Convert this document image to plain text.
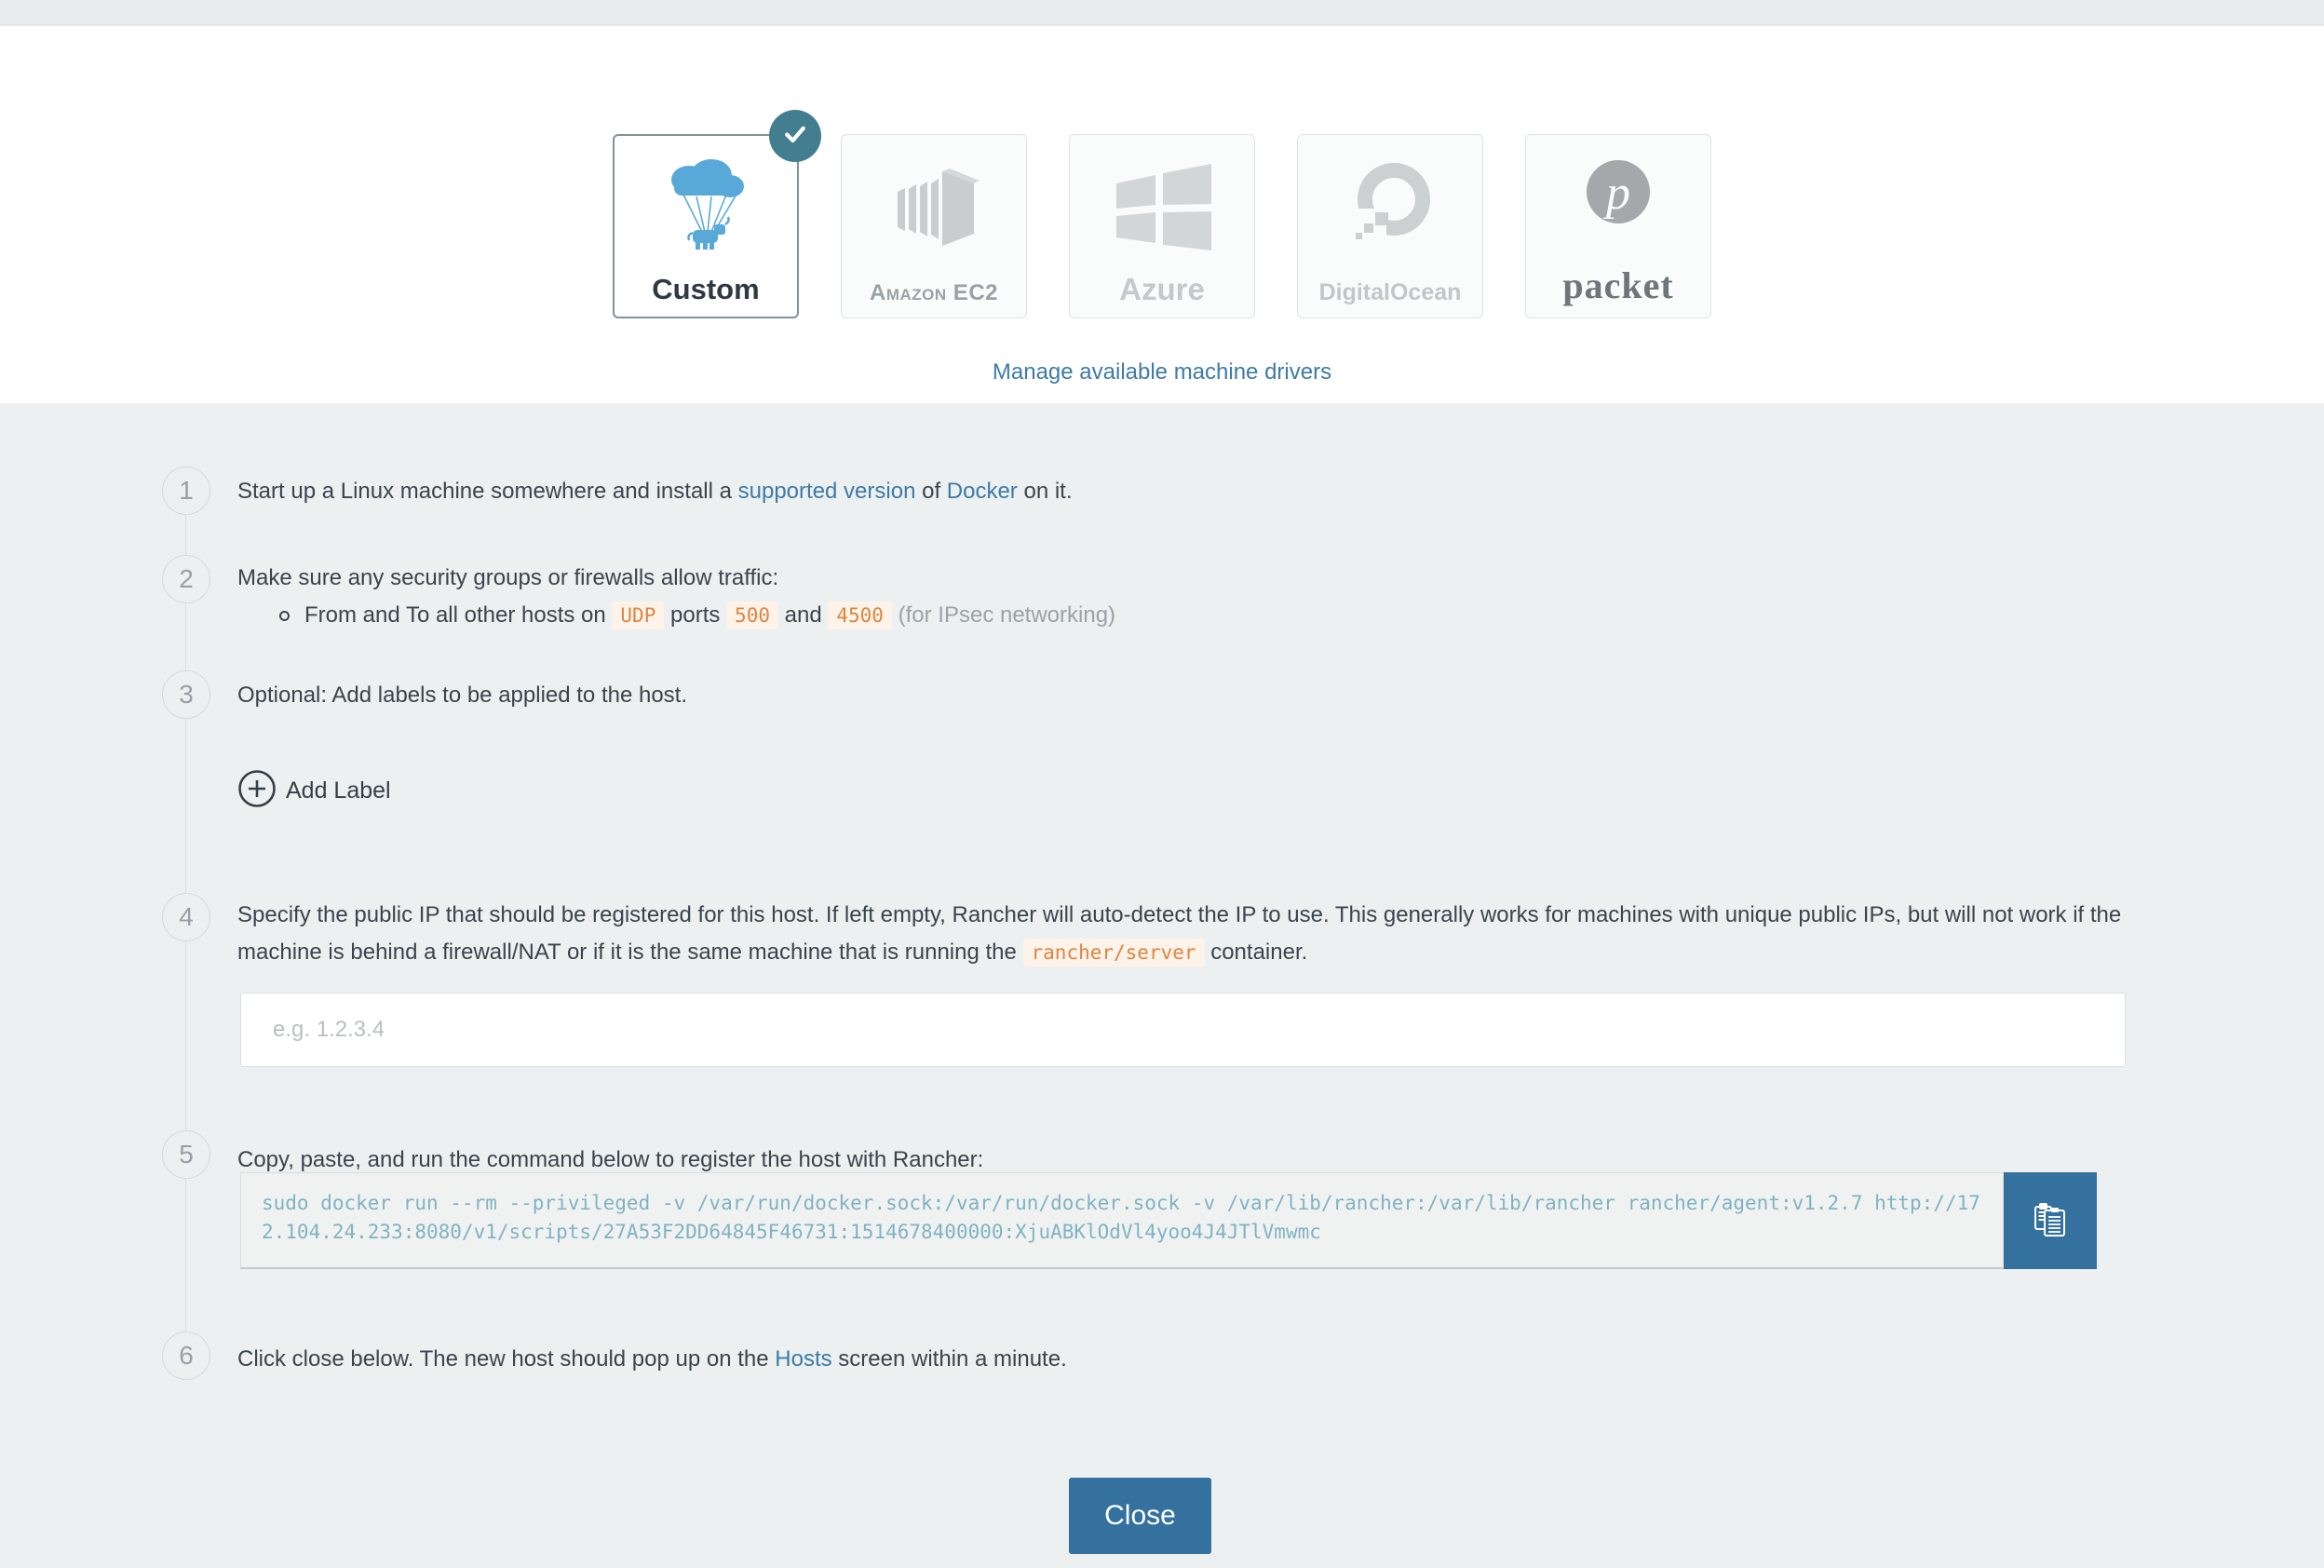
Custom	Amazon EC2	Azure	DigitalOcean
p
packet
Manage available machine drivers
1
2
3
4
5
6
Start up a Linux machine somewhere and install a supported version of Docker on it.
Make sure any security groups or firewalls allow traffic:
From and To all other hosts on UDP ports 500 and 4500 (for IPsec networking)
Optional: Add labels to be applied to the host.
Add Label
Specify the public IP that should be registered for this host. If left empty, Rancher will auto-detect the IP to use. This generally works for machines with unique public IPs, but will not work if the machine is behind a firewall/NAT or if it is the same machine that is running the rancher/server container.
e.g. 1.2.3.4
Copy, paste, and run the command below to register the host with Rancher:
sudo docker run --rm --privileged -v /var/run/docker.sock:/var/run/docker.sock -v /var/lib/rancher:/var/lib/rancher rancher/agent:v1.2.7 http://172.104.24.233:8080/v1/scripts/27A53F2DD64845F46731:1514678400000:XjuABKlOdVl4yoo4J4JTlVmwmc
Click close below. The new host should pop up on the Hosts screen within a minute.
Close
